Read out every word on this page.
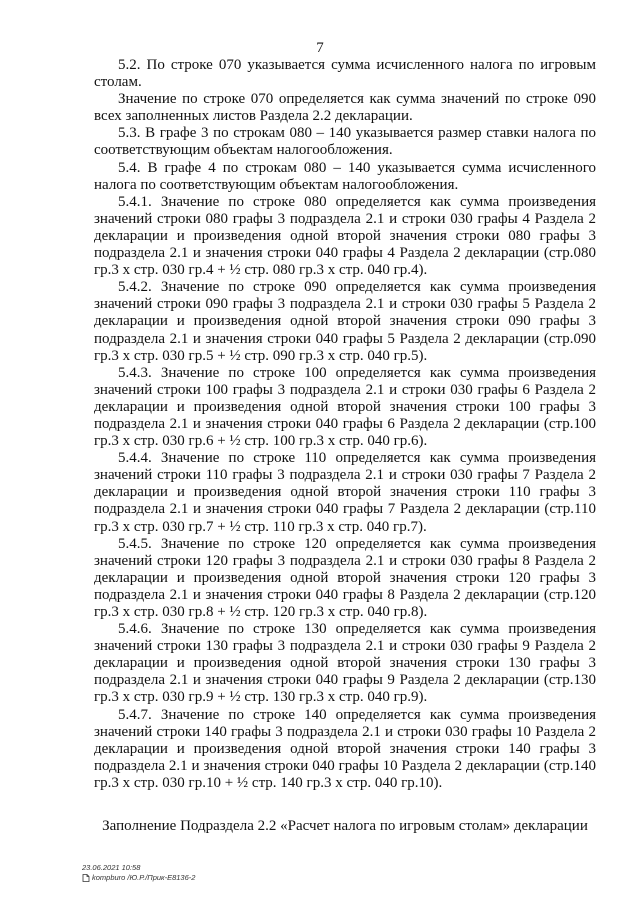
7

5.2. По строке 070 указывается сумма исчисленного налога по игровым столам.

Значение по строке 070 определяется как сумма значений по строке 090 всех заполненных листов Раздела 2.2 декларации.

5.3. В графе 3 по строкам 080 – 140 указывается размер ставки налога по соответствующим объектам налогообложения.

5.4. В графе 4 по строкам 080 – 140 указывается сумма исчисленного налога по соответствующим объектам налогообложения.

5.4.1. Значение по строке 080 определяется как сумма произведения значений строки 080 графы 3 подраздела 2.1 и строки 030 графы 4 Раздела 2 декларации и произведения одной второй значения строки 080 графы 3 подраздела 2.1 и значения строки 040 графы 4 Раздела 2 декларации (стр.080 гр.3 х стр. 030 гр.4 + ½ стр. 080 гр.3 х стр. 040 гр.4).

5.4.2. Значение по строке 090 определяется как сумма произведения значений строки 090 графы 3 подраздела 2.1 и строки 030 графы 5 Раздела 2 декларации и произведения одной второй значения строки 090 графы 3 подраздела 2.1 и значения строки 040 графы 5 Раздела 2 декларации (стр.090 гр.3 х стр. 030 гр.5 + ½ стр. 090 гр.3 х стр. 040 гр.5).

5.4.3. Значение по строке 100 определяется как сумма произведения значений строки 100 графы 3 подраздела 2.1 и строки 030 графы 6 Раздела 2 декларации и произведения одной второй значения строки 100 графы 3 подраздела 2.1 и значения строки 040 графы 6 Раздела 2 декларации (стр.100 гр.3 х стр. 030 гр.6 + ½ стр. 100 гр.3 х стр. 040 гр.6).

5.4.4. Значение по строке 110 определяется как сумма произведения значений строки 110 графы 3 подраздела 2.1 и строки 030 графы 7 Раздела 2 декларации и произведения одной второй значения строки 110 графы 3 подраздела 2.1 и значения строки 040 графы 7 Раздела 2 декларации (стр.110 гр.3 х стр. 030 гр.7 + ½ стр. 110 гр.3 х стр. 040 гр.7).

5.4.5. Значение по строке 120 определяется как сумма произведения значений строки 120 графы 3 подраздела 2.1 и строки 030 графы 8 Раздела 2 декларации и произведения одной второй значения строки 120 графы 3 подраздела 2.1 и значения строки 040 графы 8 Раздела 2 декларации (стр.120 гр.3 х стр. 030 гр.8 + ½ стр. 120 гр.3 х стр. 040 гр.8).

5.4.6. Значение по строке 130 определяется как сумма произведения значений строки 130 графы 3 подраздела 2.1 и строки 030 графы 9 Раздела 2 декларации и произведения одной второй значения строки 130 графы 3 подраздела 2.1 и значения строки 040 графы 9 Раздела 2 декларации (стр.130 гр.3 х стр. 030 гр.9 + ½ стр. 130 гр.3 х стр. 040 гр.9).

5.4.7. Значение по строке 140 определяется как сумма произведения значений строки 140 графы 3 подраздела 2.1 и строки 030 графы 10 Раздела 2 декларации и произведения одной второй значения строки 140 графы 3 подраздела 2.1 и значения строки 040 графы 10 Раздела 2 декларации (стр.140 гр.3 х стр. 030 гр.10 + ½ стр. 140 гр.3 х стр. 040 гр.10).

Заполнение Подраздела 2.2 «Расчет налога по игровым столам» декларации
23.06.2021 10:58
kompburo /Ю.Р./Прик-Е8136-2
